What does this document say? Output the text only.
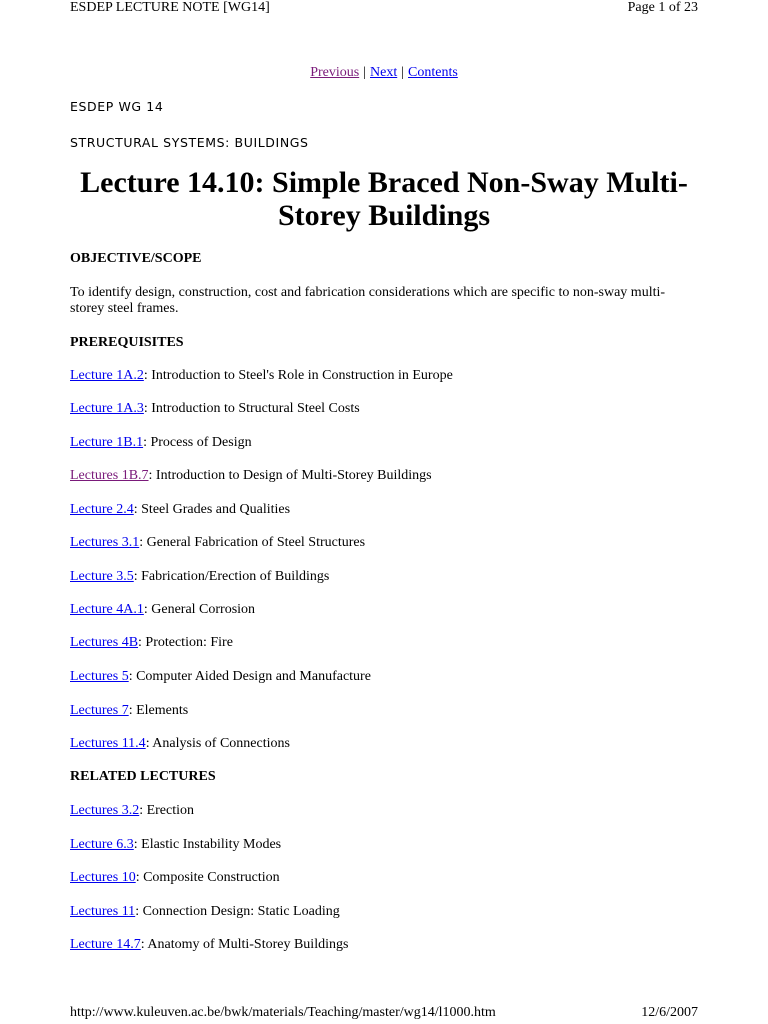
ESDEP LECTURE NOTE [WG14]	Page 1 of 23
Previous | Next | Contents
ESDEP WG 14
STRUCTURAL SYSTEMS: BUILDINGS
Lecture 14.10: Simple Braced Non-Sway Multi-
Storey Buildings
OBJECTIVE/SCOPE
To identify design, construction, cost and fabrication considerations which are specific to non-sway multi-storey steel frames.
PREREQUISITES
Lecture 1A.2: Introduction to Steel's Role in Construction in Europe
Lecture 1A.3: Introduction to Structural Steel Costs
Lecture 1B.1: Process of Design
Lectures 1B.7: Introduction to Design of Multi-Storey Buildings
Lecture 2.4: Steel Grades and Qualities
Lectures 3.1: General Fabrication of Steel Structures
Lecture 3.5: Fabrication/Erection of Buildings
Lecture 4A.1: General Corrosion
Lectures 4B: Protection: Fire
Lectures 5: Computer Aided Design and Manufacture
Lectures 7: Elements
Lectures 11.4: Analysis of Connections
RELATED LECTURES
Lectures 3.2: Erection
Lecture 6.3: Elastic Instability Modes
Lectures 10: Composite Construction
Lectures 11: Connection Design: Static Loading
Lecture 14.7: Anatomy of Multi-Storey Buildings
http://www.kuleuven.ac.be/bwk/materials/Teaching/master/wg14/l1000.htm	12/6/2007
